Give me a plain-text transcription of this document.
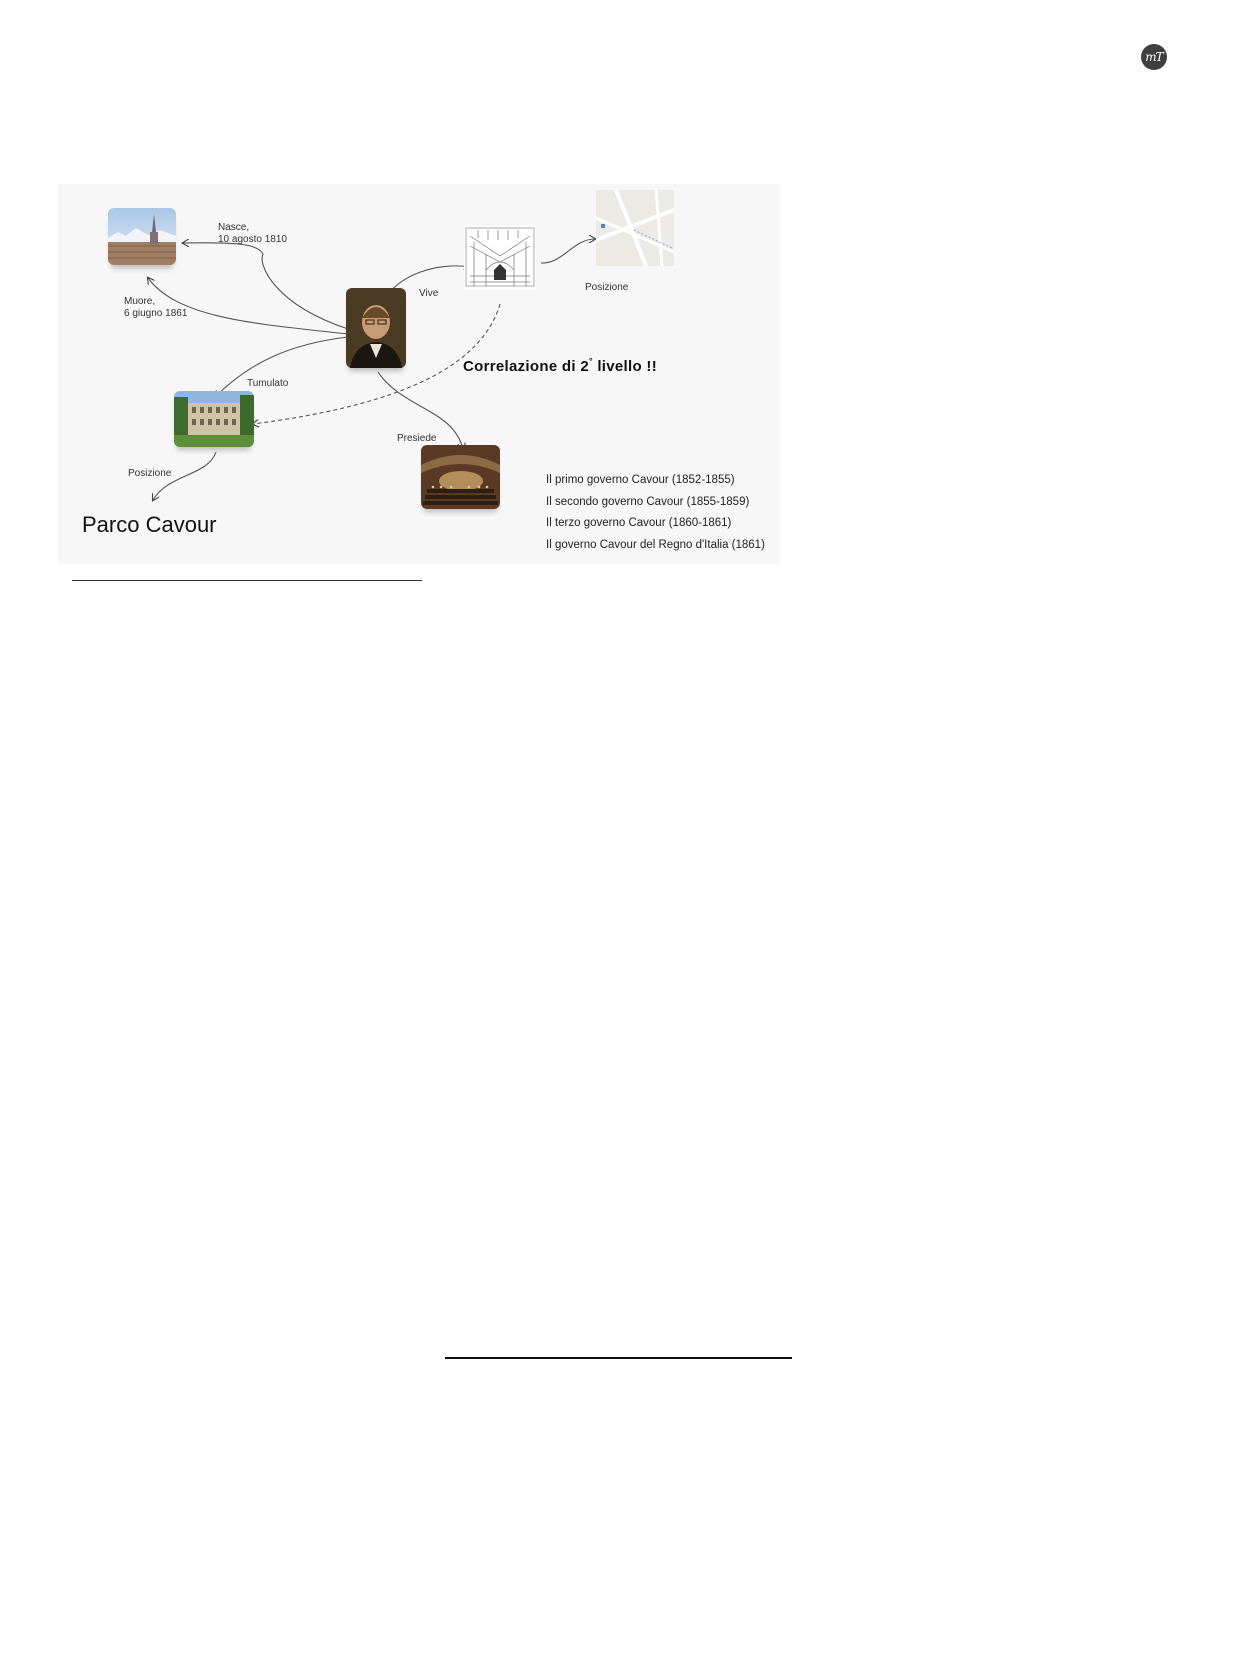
mT
Nasce,
10 agosto 1810
Muore,
6 giugno 1861
Vive
Posizione
Tumulato
Posizione
Presiede
Correlazione di 2° livello !!
Parco Cavour
Il primo governo Cavour (1852-1855)
Il secondo governo Cavour (1855-1859)
Il terzo governo Cavour (1860-1861)
Il governo Cavour del Regno d'Italia (1861)
